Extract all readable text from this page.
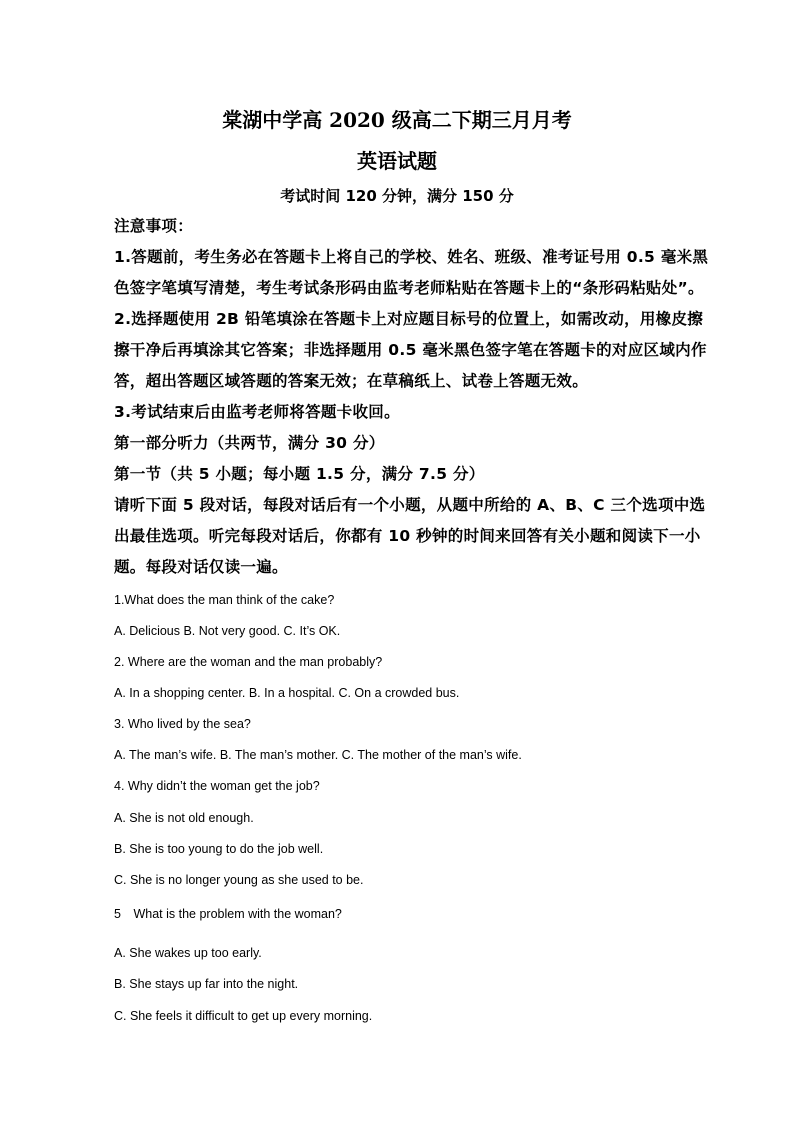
棠湖中学高 2020 级高二下期三月月考
英语试题
考试时间 120 分钟，满分 150 分
注意事项：
1.答题前，考生务必在答题卡上将自己的学校、姓名、班级、准考证号用 0.5 毫米黑
色签字笔填写清楚，考生考试条形码由监考老师粘贴在答题卡上的“条形码粘贴处”。
2.选择题使用 2B 铅笔填涂在答题卡上对应题目标号的位置上，如需改动，用橡皮擦
擦干净后再填涂其它答案；非选择题用 0.5 毫米黑色签字笔在答题卡的对应区域内作
答，超出答题区域答题的答案无效；在草稿纸上、试卷上答题无效。
3.考试结束后由监考老师将答题卡收回。
第一部分听力（共两节，满分 30 分）
第一节（共 5 小题；每小题 1.5 分，满分 7.5 分）
请听下面 5 段对话，每段对话后有一个小题，从题中所给的 A、B、C 三个选项中选
出最佳选项。听完每段对话后，你都有 10 秒钟的时间来回答有关小题和阅读下一小
题。每段对话仅读一遍。
1.What does the man think of the cake?
A. Delicious B. Not very good. C. It’s OK.
2. Where are the woman and the man probably?
A. In a shopping center. B. In a hospital. C. On a crowded bus.
3. Who lived by the sea?
A. The man’s wife. B. The man’s mother. C. The mother of the man’s wife.
4. Why didn’t the woman get the job?
A. She is not old enough.
B. She is too young to do the job well.
C. She is no longer young as she used to be.
5　What is the problem with the woman?
A. She wakes up too early.
B. She stays up far into the night.
C. She feels it difficult to get up every morning.
